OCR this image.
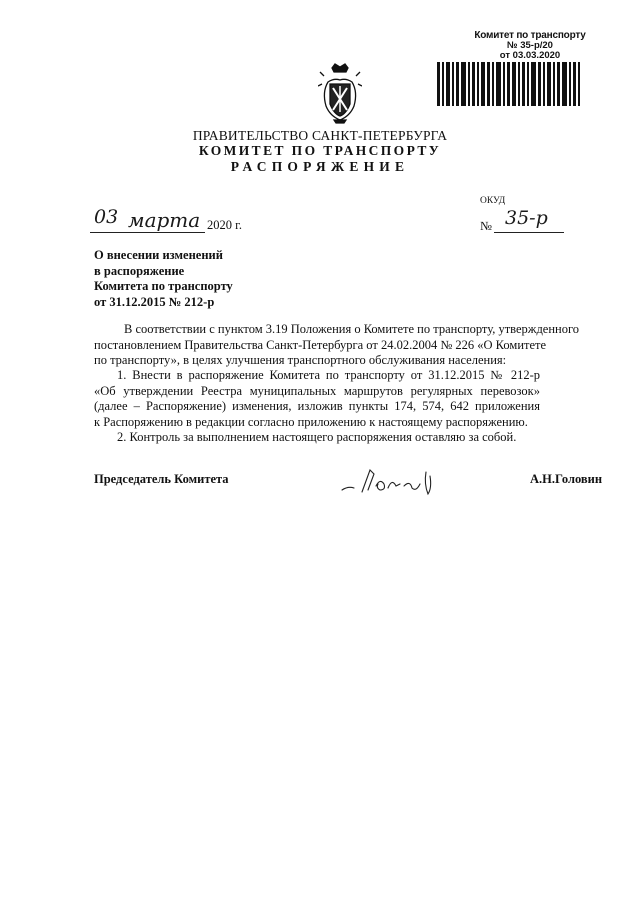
Комитет по транспорту
№ 35-р/20
от 03.03.2020
ПРАВИТЕЛЬСТВО САНКТ-ПЕТЕРБУРГА
КОМИТЕТ ПО ТРАНСПОРТУ
РАСПОРЯЖЕНИЕ
ОКУД
03 марта 2020 г.	№ 35-р
О внесении изменений
в распоряжение
Комитета по транспорту
от 31.12.2015 № 212-р
В соответствии с пунктом 3.19 Положения о Комитете по транспорту, утвержденного
постановлением Правительства Санкт-Петербурга от 24.02.2004 № 226 «О Комитете
по транспорту», в целях улучшения транспортного обслуживания населения:
1. Внести в распоряжение Комитета по транспорту от 31.12.2015 № 212-р
«Об утверждении Реестра муниципальных маршрутов регулярных перевозок»
(далее – Распоряжение) изменения, изложив пункты 174, 574, 642 приложения
к Распоряжению в редакции согласно приложению к настоящему распоряжению.
2. Контроль за выполнением настоящего распоряжения оставляю за собой.
Председатель Комитета	А.Н.Головин
